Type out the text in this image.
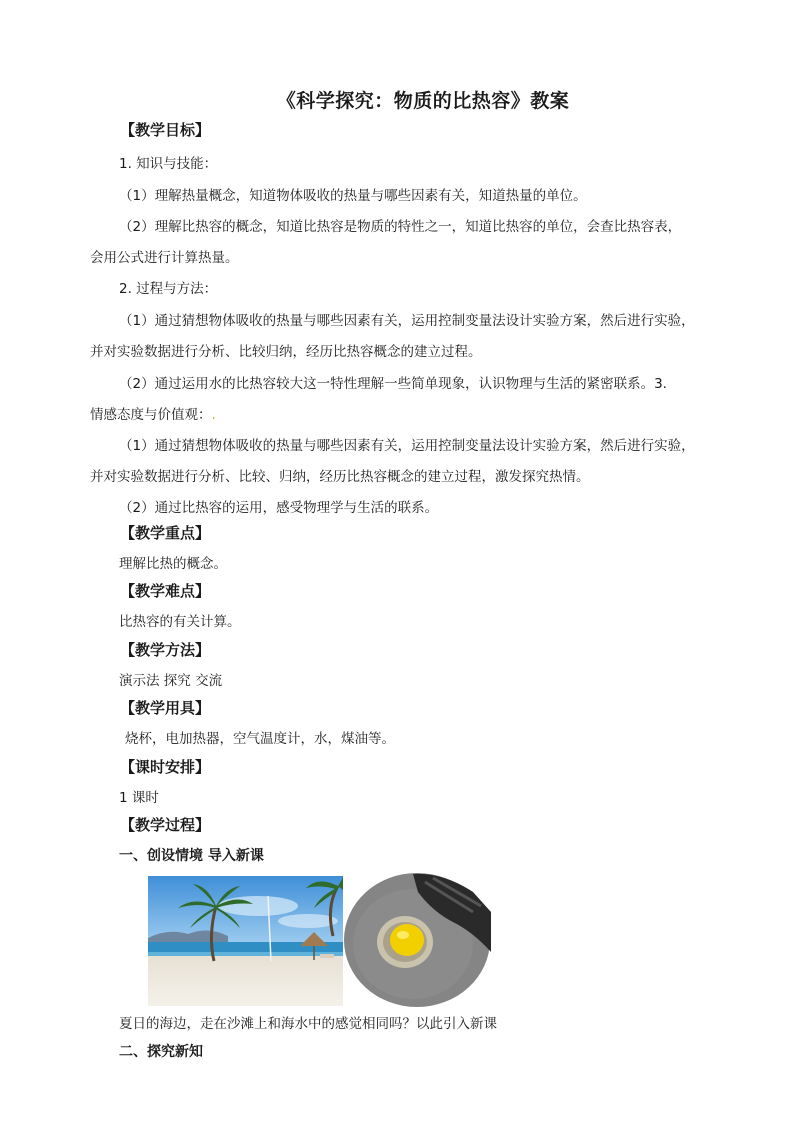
《科学探究：物质的比热容》教案
【教学目标】
1. 知识与技能：
（1）理解热量概念，知道物体吸收的热量与哪些因素有关，知道热量的单位。
（2）理解比热容的概念，知道比热容是物质的特性之一，知道比热容的单位，会查比热容表，
会用公式进行计算热量。
2. 过程与方法：
（1）通过猜想物体吸收的热量与哪些因素有关，运用控制变量法设计实验方案，然后进行实验，
并对实验数据进行分析、比较归纳，经历比热容概念的建立过程。
（2）通过运用水的比热容较大这一特性理解一些简单现象，认识物理与生活的紧密联系。3.
情感态度与价值观：.
（1）通过猜想物体吸收的热量与哪些因素有关，运用控制变量法设计实验方案，然后进行实验，
并对实验数据进行分析、比较、归纳，经历比热容概念的建立过程，激发探究热情。
（2）通过比热容的运用，感受物理学与生活的联系。
【教学重点】
理解比热的概念。
【教学难点】
比热容的有关计算。
【教学方法】
演示法 探究 交流
【教学用具】
烧杯，电加热器，空气温度计，水，煤油等。
【课时安排】
1 课时
【教学过程】
一、创设情境 导入新课
夏日的海边，走在沙滩上和海水中的感觉相同吗？以此引入新课
二、探究新知
